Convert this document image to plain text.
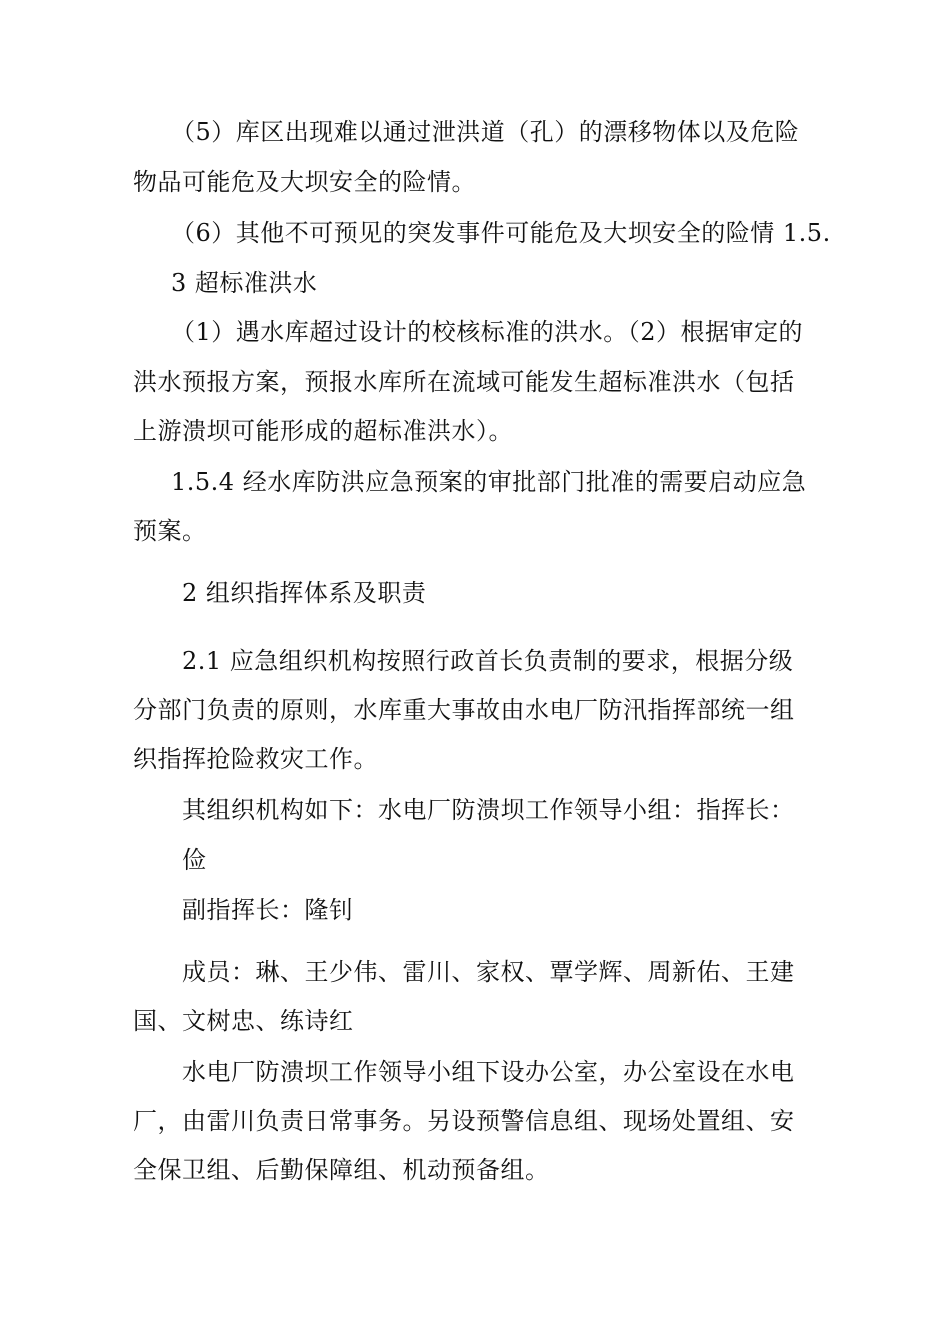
（5）库区出现难以通过泄洪道（孔）的漂移物体以及危险
物品可能危及大坝安全的险情。
（6）其他不可预见的突发事件可能危及大坝安全的险情 1.5.
3 超标准洪水
（1）遇水库超过设计的校核标准的洪水。（2）根据审定的
洪水预报方案，预报水库所在流域可能发生超标准洪水（包括
上游溃坝可能形成的超标准洪水）。
1.5.4 经水库防洪应急预案的审批部门批准的需要启动应急
预案。
2 组织指挥体系及职责
2.1 应急组织机构按照行政首长负责制的要求，根据分级
分部门负责的原则，水库重大事故由水电厂防汛指挥部统一组
织指挥抢险救灾工作。
其组织机构如下：水电厂防溃坝工作领导小组：指挥长：
俭
副指挥长：隆钊
成员：琳、王少伟、雷川、家权、覃学辉、周新佑、王建
国、文树忠、练诗红
水电厂防溃坝工作领导小组下设办公室，办公室设在水电
厂，由雷川负责日常事务。另设预警信息组、现场处置组、安
全保卫组、后勤保障组、机动预备组。
